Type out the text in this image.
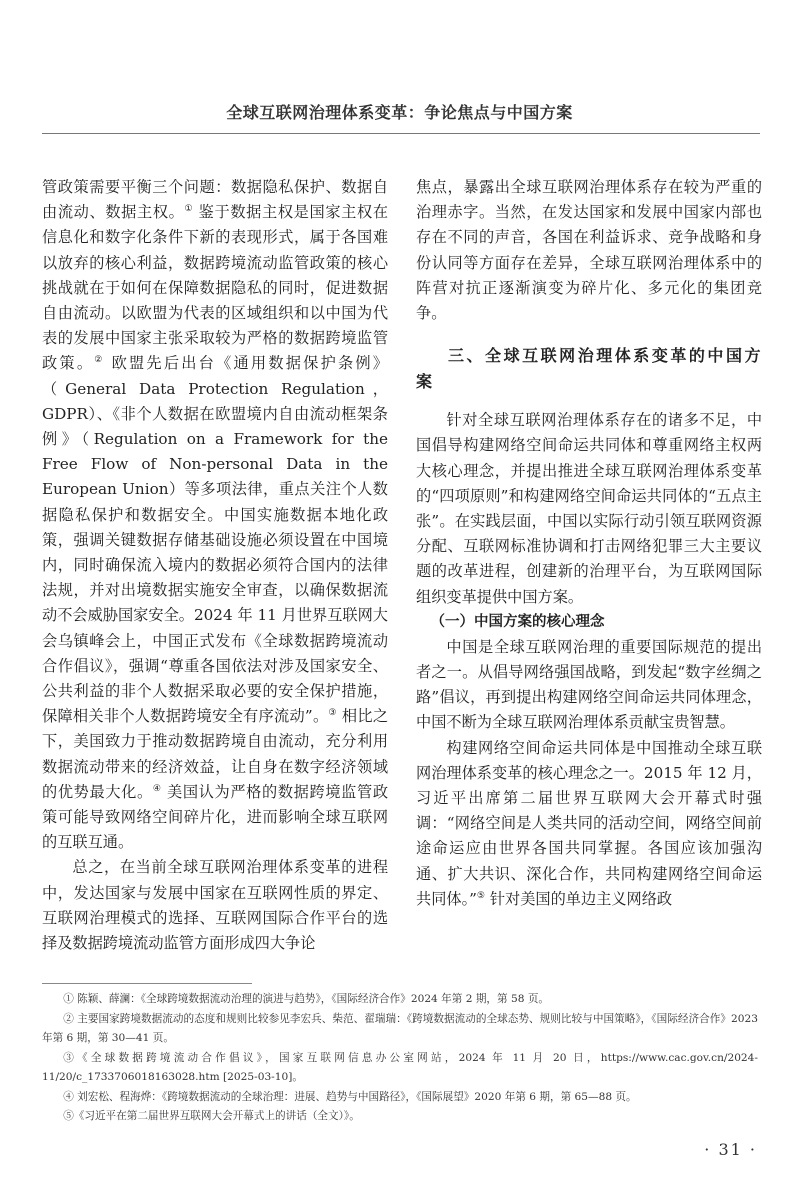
全球互联网治理体系变革：争论焦点与中国方案

管政策需要平衡三个问题：数据隐私保护、数据自由流动、数据主权。① 鉴于数据主权是国家主权在信息化和数字化条件下新的表现形式，属于各国难以放弃的核心利益，数据跨境流动监管政策的核心挑战就在于如何在保障数据隐私的同时，促进数据自由流动。以欧盟为代表的区域组织和以中国为代表的发展中国家主张采取较为严格的数据跨境监管政策。② 欧盟先后出台《通用数据保护条例》（General Data Protection Regulation，GDPR）、《非个人数据在欧盟境内自由流动框架条例》（Regulation on a Framework for the Free Flow of Non-personal Data in the European Union）等多项法律，重点关注个人数据隐私保护和数据安全。中国实施数据本地化政策，强调关键数据存储基础设施必须设置在中国境内，同时确保流入境内的数据必须符合国内的法律法规，并对出境数据实施安全审查，以确保数据流动不会威胁国家安全。2024 年 11 月世界互联网大会乌镇峰会上，中国正式发布《全球数据跨境流动合作倡议》，强调“尊重各国依法对涉及国家安全、公共利益的非个人数据采取必要的安全保护措施，保障相关非个人数据跨境安全有序流动”。③ 相比之下，美国致力于推动数据跨境自由流动，充分利用数据流动带来的经济效益，让自身在数字经济领域的优势最大化。④ 美国认为严格的数据跨境监管政策可能导致网络空间碎片化，进而影响全球互联网的互联互通。

总之，在当前全球互联网治理体系变革的进程中，发达国家与发展中国家在互联网性质的界定、互联网治理模式的选择、互联网国际合作平台的选择及数据跨境流动监管方面形成四大争论

焦点，暴露出全球互联网治理体系存在较为严重的治理赤字。当然，在发达国家和发展中国家内部也存在不同的声音，各国在利益诉求、竞争战略和身份认同等方面存在差异，全球互联网治理体系中的阵营对抗正逐渐演变为碎片化、多元化的集团竞争。

三、全球互联网治理体系变革的中国方案

针对全球互联网治理体系存在的诸多不足，中国倡导构建网络空间命运共同体和尊重网络主权两大核心理念，并提出推进全球互联网治理体系变革的“四项原则”和构建网络空间命运共同体的“五点主张”。在实践层面，中国以实际行动引领互联网资源分配、互联网标准协调和打击网络犯罪三大主要议题的改革进程，创建新的治理平台，为互联网国际组织变革提供中国方案。

（一）中国方案的核心理念

中国是全球互联网治理的重要国际规范的提出者之一。从倡导网络强国战略，到发起“数字丝绸之路”倡议，再到提出构建网络空间命运共同体理念，中国不断为全球互联网治理体系贡献宝贵智慧。

构建网络空间命运共同体是中国推动全球互联网治理体系变革的核心理念之一。2015 年 12 月，习近平出席第二届世界互联网大会开幕式时强调：“网络空间是人类共同的活动空间，网络空间前途命运应由世界各国共同掌握。各国应该加强沟通、扩大共识、深化合作，共同构建网络空间命运共同体。”⑤ 针对美国的单边主义网络政

① 陈颖、薛澜：《全球跨境数据流动治理的演进与趋势》，《国际经济合作》2024 年第 2 期，第 58 页。

② 主要国家跨境数据流动的态度和规则比较参见李宏兵、柴范、翟瑞瑞：《跨境数据流动的全球态势、规则比较与中国策略》，《国际经济合作》2023 年第 6 期，第 30—41 页。

③《全球数据跨境流动合作倡议》，国家互联网信息办公室网站，2024 年 11 月 20 日，https://www.cac.gov.cn/2024-11/20/c_1733706018163028.htm [2025-03-10]。

④ 刘宏松、程海烨：《跨境数据流动的全球治理：进展、趋势与中国路径》，《国际展望》2020 年第 6 期，第 65—88 页。

⑤《习近平在第二届世界互联网大会开幕式上的讲话（全文）》。

· 31 ·
